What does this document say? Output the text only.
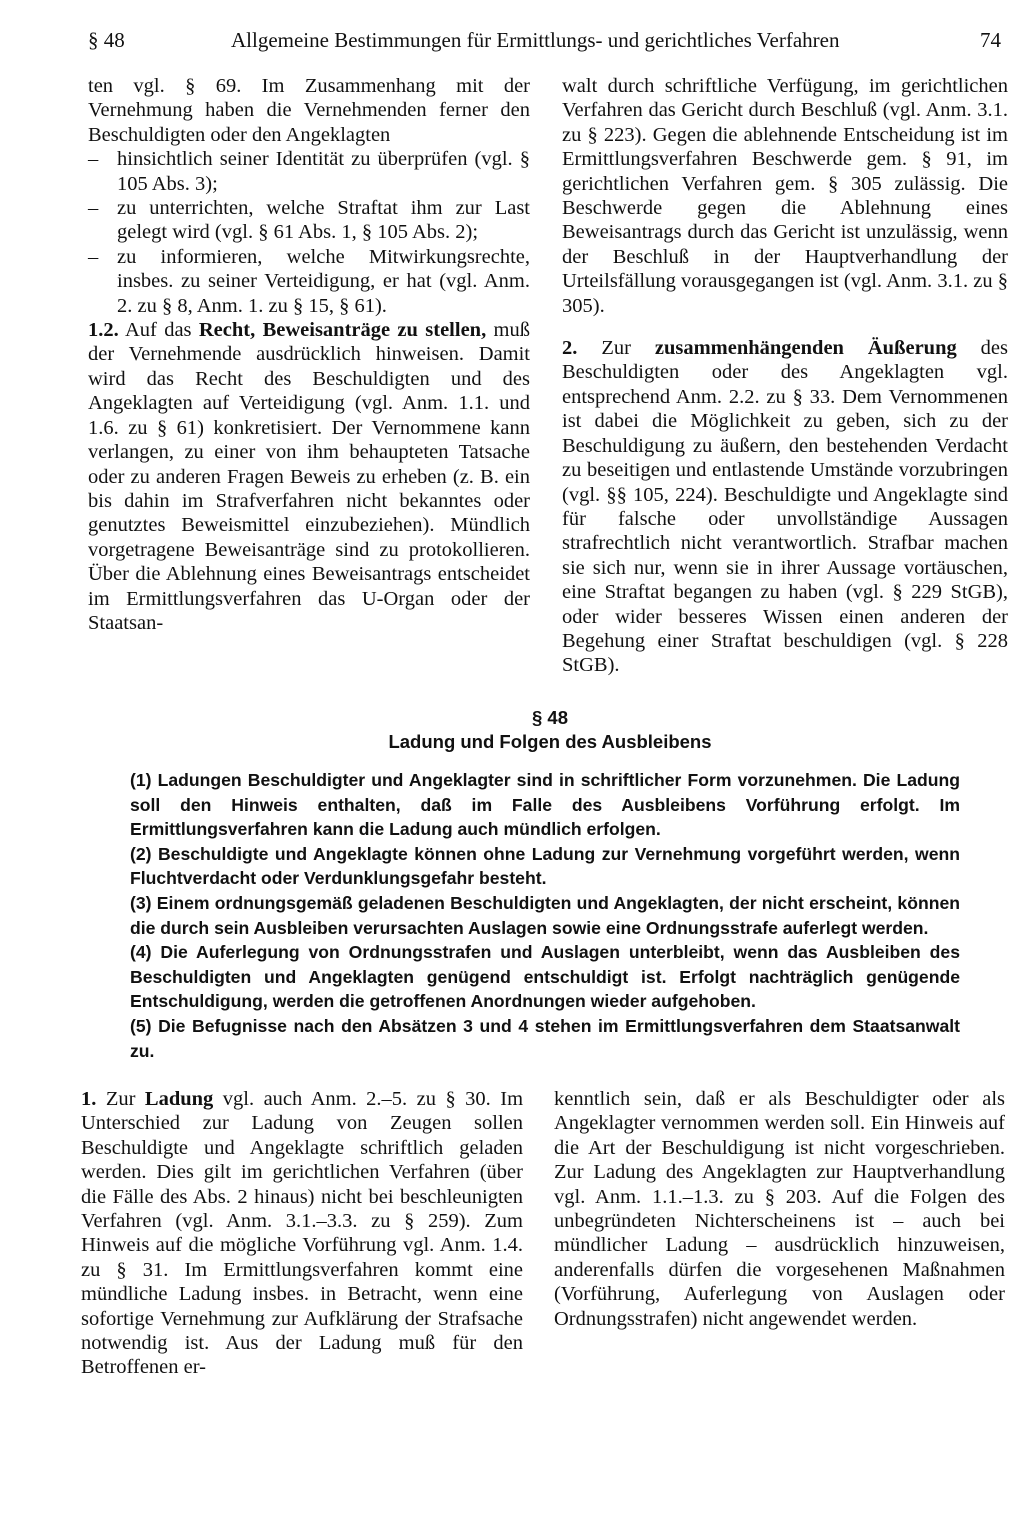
§ 48	Allgemeine Bestimmungen für Ermittlungs- und gerichtliches Verfahren	74

ten vgl. § 69. Im Zusammenhang mit der Vernehmung haben die Vernehmenden ferner den Beschuldigten oder den Angeklagten

– hinsichtlich seiner Identität zu überprüfen (vgl. § 105 Abs. 3);
– zu unterrichten, welche Straftat ihm zur Last gelegt wird (vgl. § 61 Abs. 1, § 105 Abs. 2);
– zu informieren, welche Mitwirkungsrechte, insbes. zu seiner Verteidigung, er hat (vgl. Anm. 2. zu § 8, Anm. 1. zu § 15, § 61).

1.2. Auf das Recht, Beweisanträge zu stellen, muß der Vernehmende ausdrücklich hinweisen. Damit wird das Recht des Beschuldigten und des Angeklagten auf Verteidigung (vgl. Anm. 1.1. und 1.6. zu § 61) konkretisiert. Der Vernommene kann verlangen, zu einer von ihm behaupteten Tatsache oder zu anderen Fragen Beweis zu erheben (z. B. ein bis dahin im Strafverfahren nicht bekanntes oder genutztes Beweismittel einzubeziehen). Mündlich vorgetragene Beweisanträge sind zu protokollieren. Über die Ablehnung eines Beweisantrags entscheidet im Ermittlungsverfahren das U-Organ oder der Staatsan-

walt durch schriftliche Verfügung, im gerichtlichen Verfahren das Gericht durch Beschluß (vgl. Anm. 3.1. zu § 223). Gegen die ablehnende Entscheidung ist im Ermittlungsverfahren Beschwerde gem. § 91, im gerichtlichen Verfahren gem. § 305 zulässig. Die Beschwerde gegen die Ablehnung eines Beweisantrags durch das Gericht ist unzulässig, wenn der Beschluß in der Hauptverhandlung der Urteilsfällung vorausgegangen ist (vgl. Anm. 3.1. zu § 305).

2. Zur zusammenhängenden Äußerung des Beschuldigten oder des Angeklagten vgl. entsprechend Anm. 2.2. zu § 33. Dem Vernommenen ist dabei die Möglichkeit zu geben, sich zu der Beschuldigung zu äußern, den bestehenden Verdacht zu beseitigen und entlastende Umstände vorzubringen (vgl. §§ 105, 224). Beschuldigte und Angeklagte sind für falsche oder unvollständige Aussagen strafrechtlich nicht verantwortlich. Strafbar machen sie sich nur, wenn sie in ihrer Aussage vortäuschen, eine Straftat begangen zu haben (vgl. § 229 StGB), oder wider besseres Wissen einen anderen der Begehung einer Straftat beschuldigen (vgl. § 228 StGB).

§ 48
Ladung und Folgen des Ausbleibens

(1) Ladungen Beschuldigter und Angeklagter sind in schriftlicher Form vorzunehmen. Die Ladung soll den Hinweis enthalten, daß im Falle des Ausbleibens Vorführung erfolgt. Im Ermittlungsverfahren kann die Ladung auch mündlich erfolgen.

(2) Beschuldigte und Angeklagte können ohne Ladung zur Vernehmung vorgeführt werden, wenn Fluchtverdacht oder Verdunklungsgefahr besteht.

(3) Einem ordnungsgemäß geladenen Beschuldigten und Angeklagten, der nicht erscheint, können die durch sein Ausbleiben verursachten Auslagen sowie eine Ordnungsstrafe auferlegt werden.

(4) Die Auferlegung von Ordnungsstrafen und Auslagen unterbleibt, wenn das Ausbleiben des Beschuldigten und Angeklagten genügend entschuldigt ist. Erfolgt nachträglich genügende Entschuldigung, werden die getroffenen Anordnungen wieder aufgehoben.

(5) Die Befugnisse nach den Absätzen 3 und 4 stehen im Ermittlungsverfahren dem Staatsanwalt zu.

1. Zur Ladung vgl. auch Anm. 2.–5. zu § 30. Im Unterschied zur Ladung von Zeugen sollen Beschuldigte und Angeklagte schriftlich geladen werden. Dies gilt im gerichtlichen Verfahren (über die Fälle des Abs. 2 hinaus) nicht bei beschleunigten Verfahren (vgl. Anm. 3.1.–3.3. zu § 259). Zum Hinweis auf die mögliche Vorführung vgl. Anm. 1.4. zu § 31. Im Ermittlungsverfahren kommt eine mündliche Ladung insbes. in Betracht, wenn eine sofortige Vernehmung zur Aufklärung der Strafsache notwendig ist. Aus der Ladung muß für den Betroffenen er-

kenntlich sein, daß er als Beschuldigter oder als Angeklagter vernommen werden soll. Ein Hinweis auf die Art der Beschuldigung ist nicht vorgeschrieben. Zur Ladung des Angeklagten zur Hauptverhandlung vgl. Anm. 1.1.–1.3. zu § 203. Auf die Folgen des unbegründeten Nichterscheinens ist – auch bei mündlicher Ladung – ausdrücklich hinzuweisen, anderenfalls dürfen die vorgesehenen Maßnahmen (Vorführung, Auferlegung von Auslagen oder Ordnungsstrafen) nicht angewendet werden.
